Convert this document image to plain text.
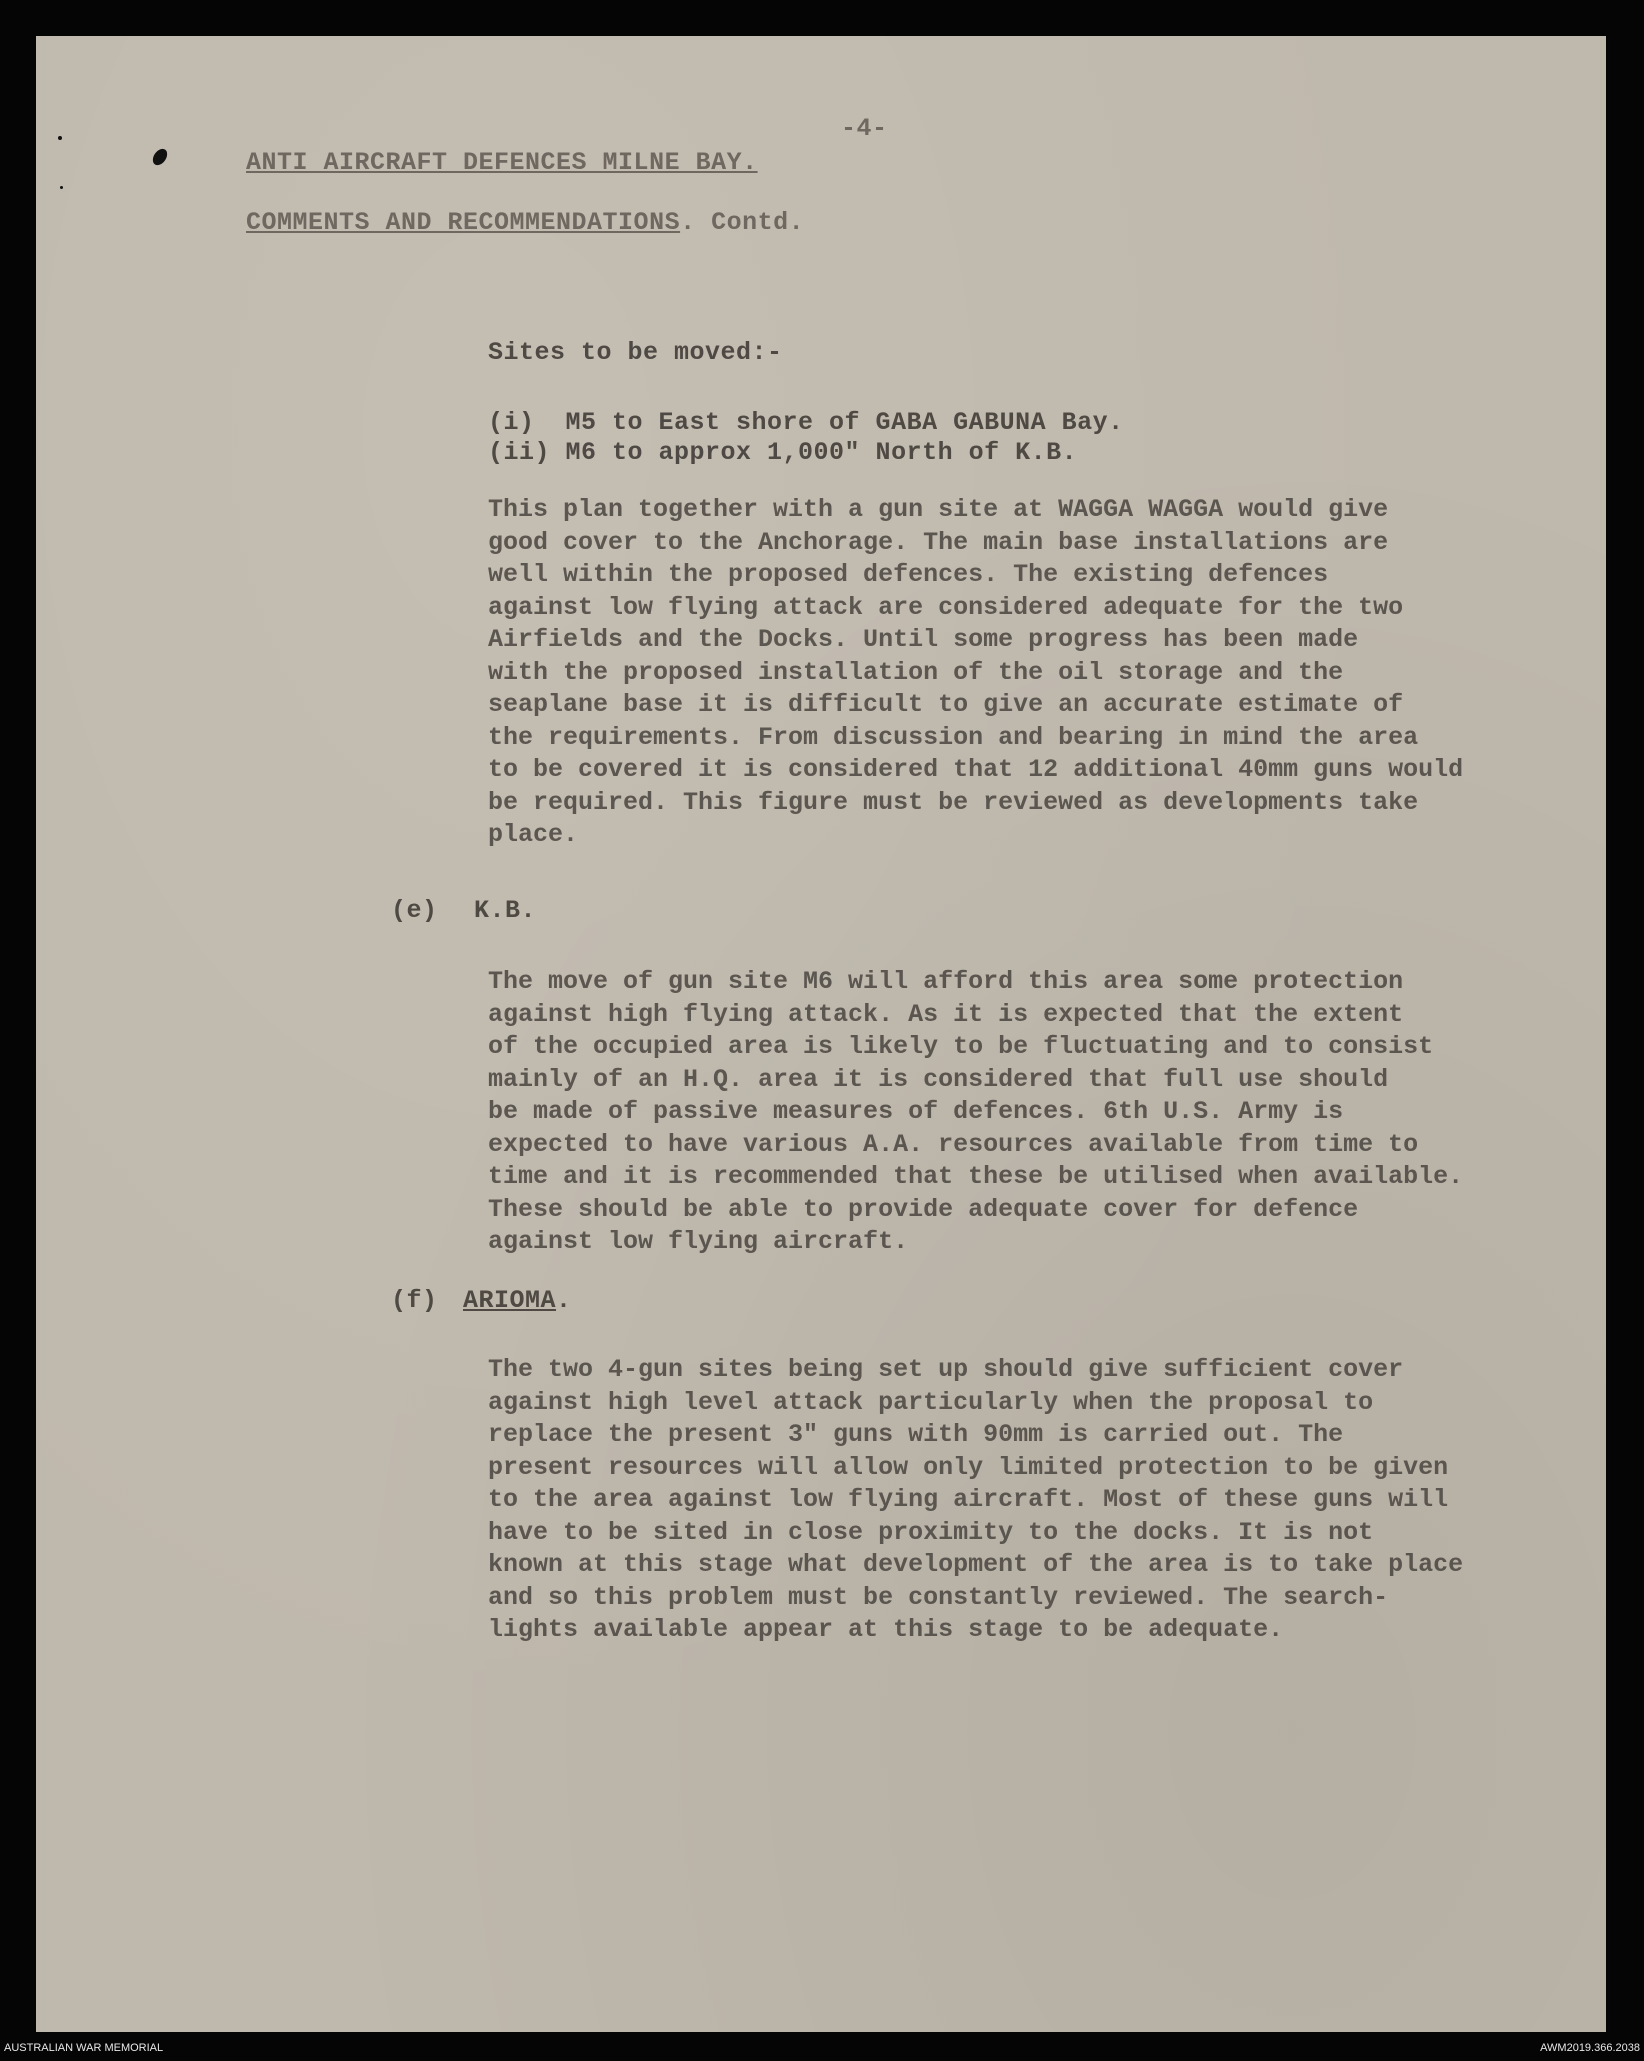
-4-
ANTI AIRCRAFT DEFENCES MILNE BAY.
COMMENTS AND RECOMMENDATIONS. Contd.
Sites to be moved:-
(i)  M5 to East shore of GABA GABUNA Bay.
(ii) M6 to approx 1,000" North of K.B.
This plan together with a gun site at WAGGA WAGGA would give
good cover to the Anchorage. The main base installations are
well within the proposed defences. The existing defences
against low flying attack are considered adequate for the two
Airfields and the Docks. Until some progress has been made
with the proposed installation of the oil storage and the
seaplane base it is difficult to give an accurate estimate of
the requirements. From discussion and bearing in mind the area
to be covered it is considered that 12 additional 40mm guns would
be required. This figure must be reviewed as developments take
place.
(e) K.B.
The move of gun site M6 will afford this area some protection
against high flying attack. As it is expected that the extent
of the occupied area is likely to be fluctuating and to consist
mainly of an H.Q. area it is considered that full use should
be made of passive measures of defences. 6th U.S. Army is
expected to have various A.A. resources available from time to
time and it is recommended that these be utilised when available.
These should be able to provide adequate cover for defence
against low flying aircraft.
(f) ARIOMA.
The two 4-gun sites being set up should give sufficient cover
against high level attack particularly when the proposal to
replace the present 3" guns with 90mm is carried out. The
present resources will allow only limited protection to be given
to the area against low flying aircraft. Most of these guns will
have to be sited in close proximity to the docks. It is not
known at this stage what development of the area is to take place
and so this problem must be constantly reviewed. The search-
lights available appear at this stage to be adequate.
AUSTRALIAN WAR MEMORIAL	AWM2019.366.2038
